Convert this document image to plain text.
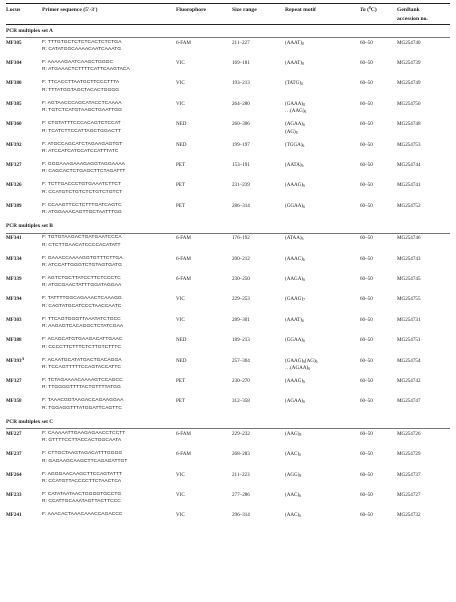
Locus	Primer sequence (5′-3′)	Fluorophore	Size range	Repeat motif	Ta ($^0$C)	GenBank
accession no.
PCR multiplex set A
MF305	F: TTTGTGCTCTCTCACTCTCTGA
R: CATATGGCAAAACAATCAAATG
6-FAM	211–227	$(AAAT)_8$	60–50	MG254740
MF304	F: AAAAAGAATCAAGCTGGGC
R: ATGAAACTCTTTTCATTCAAGTACA
VIC	169–181	$(AAAT)_8$	60–50	MG254739
MF380	F: TTCACCTTAATGCTTCCCTTTA
R: TTTATGGTAGCTACACTGGGG
VIC	193–213	$(TATG)_6$	60–50	MG254749
MF385	F: AGTAACCCAGCATACCTCAAAA
R: TGTCTCATGTAAGCTGAATTGG
VIC	264–280	$(GAAA)_8$
$\dots(AAG)_6$
60–50	MG254750
MF360	F: CTGTATTTCCCACAGTCTCCAT
R: TCATCTTCCATTAGCTGGACTT
NED	260–306	$(AGAA)_6$
$(AG)_8$
60–50	MG254748
MF392	F: ATGCCAGCATCTAGAAGAGTGT
R: ATCCATCATCCATCCATTTATC
NED	199–197	$(TGGA)_6$	60–50	MG254753
MF327	F: GGGAAAGAAAGAGGTAGGAAAA
R: CAGCACTCTGAGCTTCTAGATTT
PET	153–191	$(AATA)_6$	60–50	MG254744
MF326	F: TCTTGACCCTGTGAAATCTTCT
R: CCATGTCTGTCTCTGTCTGTCT
PET	231–239	$(AAAG)_6$	60–50	MG254741
MF389	F: CCAAGTTCCTCTTTGATCAGTC
R: ATGGAAACAGTTGCTAATTTGG
PET	286–314	$(GGAA)_6$	60–50	MG254752
PCR multiplex set B
MF341	F: TGTGTAAGACTGATGAATCCCA
R: CTCTTGAACATCCCCACATATT
6-FAM	176–192	$(ATAA)_6$	60–50	MG254746
MF334	F: GAAACCAAAAGGTGTTTCTTGA
R: ATCCATTGGGTCTGTAGTGATG
6-FAM	200–212	$(AAAC)_6$	60–50	MG254743
MF339	F: AGTCTGCTTATCCTTCTCCCTC
R: ATGCGAACTATTTGGATAGGAA
6-FAM	230–250	$(AAGA)_6$	60–50	MG254745
MF394	F: TATTTTGGCAGAAACTCAAAGG
R: CAGTATGCATCCCTAACCAATC
VIC	229–253	$(GAAG)_7$	60–50	MG254755
MF303	F: TTCAGTGGGTTAAATATCTGCC
R: AAGAGTCACAGGCTCTATCGAA
VIC	289–301	$(AAAT)_6$	60–50	MG254731
MF388	F: ACAGCATGTGAAGACATTGAAC
R: CCCCTTCTTTCTCTTGTCTTTC
NED	189–213	$(GGAA)_6$	60–50	MG254751
$MF393^A$	F: ACAATGCATATGACTGACAGGA
R: TCCAGTTTTTCCAGTACCATTC
NED	257–304	$(GAAG)_6(AG)_6$
$\dots(AGAA)_6$
60–50	MG254754
MF327	F: TCTAGAAAACAAAAGTCCAGCC
R: TTGGGGTTTTACTGTTTTATGG
PET	230–270	$(AAAG)_6$	60–50	MG254742
MF358	F: TAAACGGTAAGACCAGAAGGAA
R: TGGAGGTTTATGGATTCAGTTC
PET	312–358	$(AGAA)_6$	60–50	MG254747
PCR multiplex set C
MF227	F: CAAAAATTGAAGAGAACCTCCTT
R: GTTTTCCTTACCACTGGCAATA
6-FAM	229–232	$(AAG)_8$	60–50	MG254726
MF237	F: CTTGCTAAGTAGACATTTGGGG
R: GAGAAGCAAGCTTCAGAGATTGT
6-FAM	268–283	$(AAC)_6$	60–50	MG254729
MF264	F: AGGGAACAAGCTTCCAGTATTT
R: CCATGTTACCCCTTCTAACTCA
VIC	211–223	$(AGG)_8$	60–50	MG254737
MF233	F: CATATAATAACTGGGGTGCCTG
R: CCATTGCAAATAGTTACTTCCC
VIC	277–286	$(AAC)_6$	60–50	MG254727
MF241	F: AAACACTAAACAAACCAGACCC	VIC	296–314	$(AAC)_6$	60–50	MG254732
